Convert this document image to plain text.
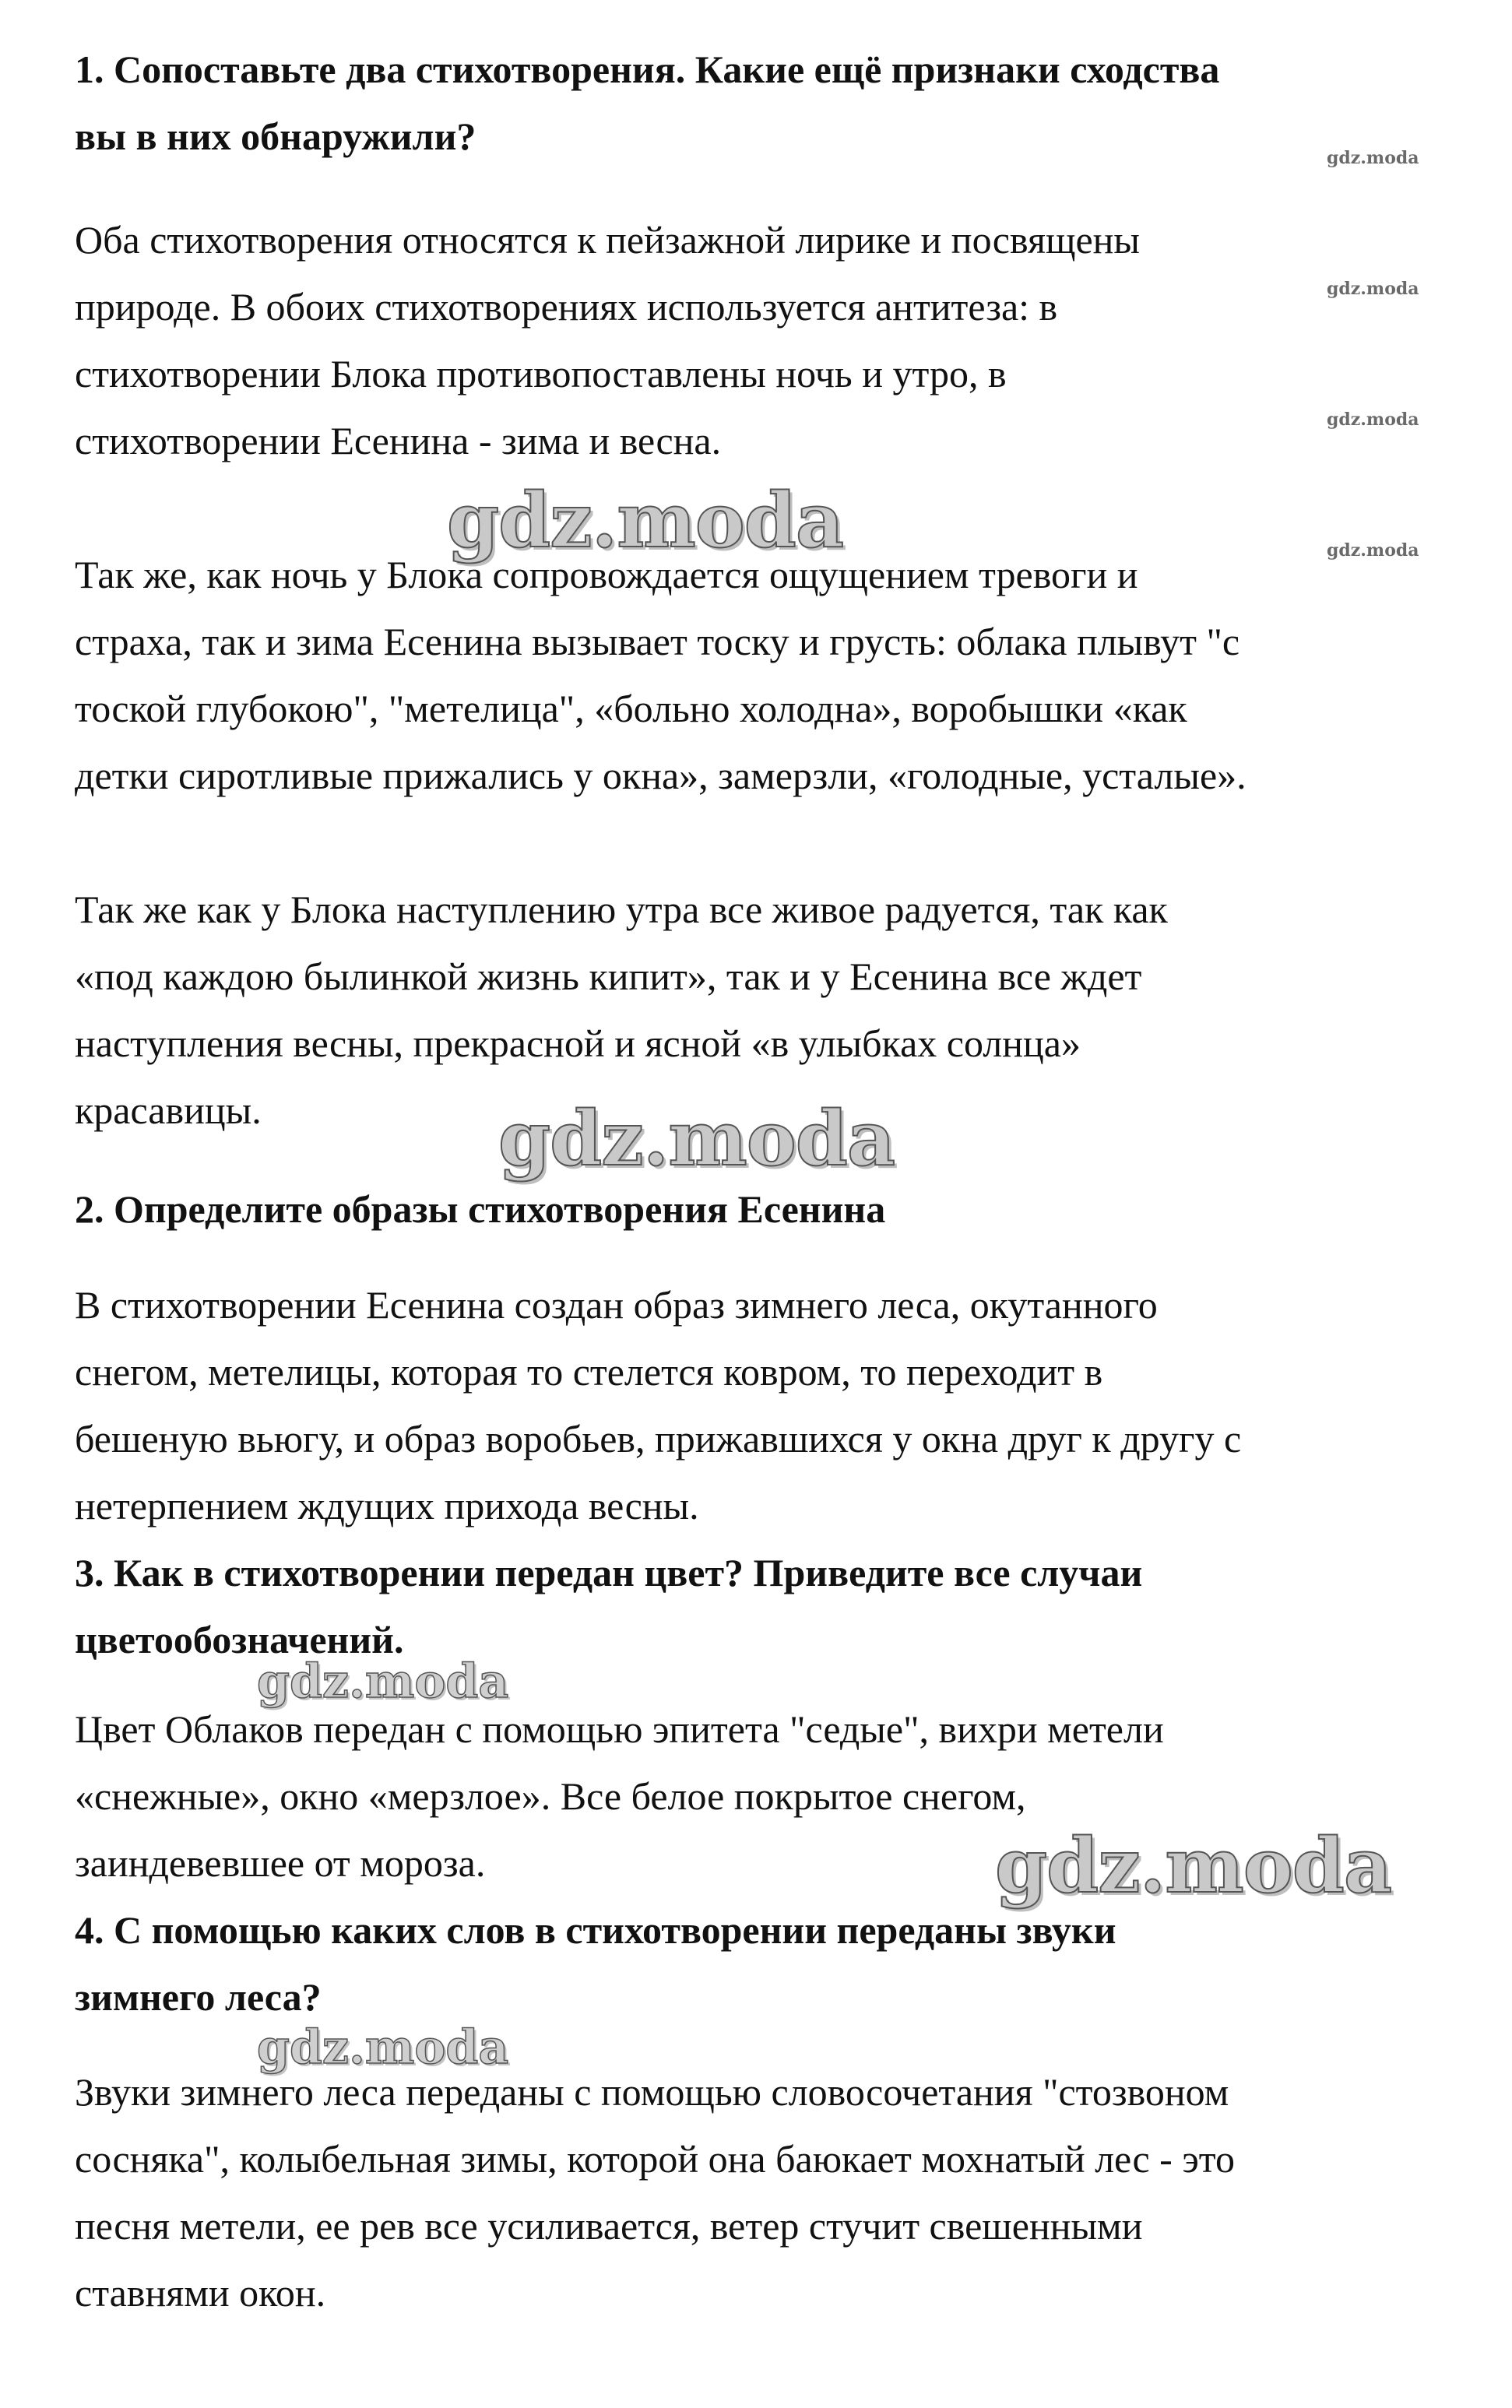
1. Сопоставьте два стихотворения. Какие ещё признаки сходства
вы в них обнаружили?
Оба стихотворения относятся к пейзажной лирике и посвящены
природе. В обоих стихотворениях используется антитеза: в
стихотворении Блока противопоставлены ночь и утро, в
стихотворении Есенина - зима и весна.
Так же, как ночь у Блока сопровождается ощущением тревоги и
страха, так и зима Есенина вызывает тоску и грусть: облака плывут "с
тоской глубокою", "метелица", «больно холодна», воробышки «как
детки сиротливые прижались у окна», замерзли, «голодные, усталые».
Так же как у Блока наступлению утра все живое радуется, так как
«под каждою былинкой жизнь кипит», так и у Есенина все ждет
наступления весны, прекрасной и ясной «в улыбках солнца»
красавицы.
2. Определите образы стихотворения Есенина
В стихотворении Есенина создан образ зимнего леса, окутанного
снегом, метелицы, которая то стелется ковром, то переходит в
бешеную вьюгу, и образ воробьев, прижавшихся у окна друг к другу с
нетерпением ждущих прихода весны.
3. Как в стихотворении передан цвет? Приведите все случаи
цветообозначений.
Цвет Облаков передан с помощью эпитета "седые", вихри метели
«снежные», окно «мерзлое». Все белое покрытое снегом,
заиндевевшее от мороза.
4. С помощью каких слов в стихотворении переданы звуки
зимнего леса?
Звуки зимнего леса переданы с помощью словосочетания "стозвоном
сосняка", колыбельная зимы, которой она баюкает мохнатый лес - это
песня метели, ее рев все усиливается, ветер стучит свешенными
ставнями окон.
gdz.moda
gdz.moda
gdz.moda
gdz.moda
gdz.moda
gdz.moda
gdz.moda
gdz.moda
gdz.moda
